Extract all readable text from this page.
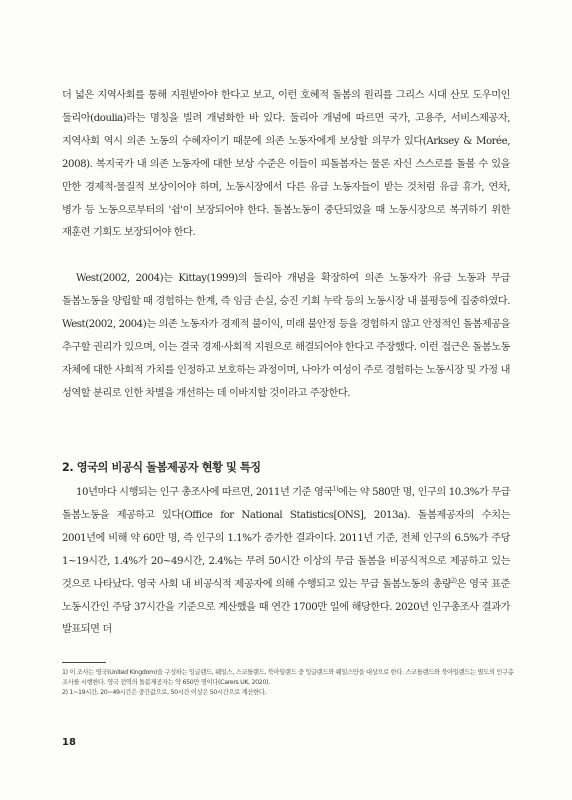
더 넓은 지역사회를 통해 지원받아야 한다고 보고, 이런 호혜적 돌봄의 원리를 그리스 시대 산모 도우미인 둘리아(doulia)라는 명칭을 빌려 개념화한 바 있다. 둘리아 개념에 따르면 국가, 고용주, 서비스제공자, 지역사회 역시 의존 노동의 수혜자이기 때문에 의존 노동자에게 보상할 의무가 있다(Arksey & Morée, 2008). 복지국가 내 의존 노동자에 대한 보상 수준은 이들이 피돌봄자는 물론 자신 스스로를 돌볼 수 있을 만한 경제적·물질적 보상이어야 하며, 노동시장에서 다른 유급 노동자들이 받는 것처럼 유급 휴가, 연차, 병가 등 노동으로부터의 '쉼'이 보장되어야 한다. 돌봄노동이 중단되었을 때 노동시장으로 복귀하기 위한 재훈련 기회도 보장되어야 한다.

West(2002, 2004)는 Kittay(1999)의 둘리아 개념을 확장하여 의존 노동자가 유급 노동과 무급 돌봄노동을 양립할 때 경험하는 한계, 즉 임금 손실, 승진 기회 누락 등의 노동시장 내 불평등에 집중하였다. West(2002, 2004)는 의존 노동자가 경제적 불이익, 미래 불안정 등을 경험하지 않고 안정적인 돌봄제공을 추구할 권리가 있으며, 이는 결국 경제·사회적 지원으로 해결되어야 한다고 주장했다. 이런 접근은 돌봄노동 자체에 대한 사회적 가치를 인정하고 보호하는 과정이며, 나아가 여성이 주로 경험하는 노동시장 및 가정 내 성역할 분리로 인한 차별을 개선하는 데 이바지할 것이라고 주장한다.

2. 영국의 비공식 돌봄제공자 현황 및 특징

10년마다 시행되는 인구 총조사에 따르면, 2011년 기준 영국$^{1)}$에는 약 580만 명, 인구의 10.3%가 무급 돌봄노동을 제공하고 있다(Office for National Statistics[ONS], 2013a). 돌봄제공자의 수치는 2001년에 비해 약 60만 명, 즉 인구의 1.1%가 증가한 결과이다. 2011년 기준, 전체 인구의 6.5%가 주당 1~19시간, 1.4%가 20~49시간, 2.4%는 무려 50시간 이상의 무급 돌봄을 비공식적으로 제공하고 있는 것으로 나타났다. 영국 사회 내 비공식적 제공자에 의해 수행되고 있는 무급 돌봄노동의 총량$^{2)}$은 영국 표준 노동시간인 주당 37시간을 기준으로 계산했을 때 연간 1700만 일에 해당한다. 2020년 인구총조사 결과가 발표되면 더

1) 이 조사는 영국(United Kingdom)을 구성하는 잉글랜드, 웨일스, 스코틀랜드, 북아일랜드 중 잉글랜드와 웨일스만을 대상으로 한다. 스코틀랜드와 북아일랜드는 별도의 인구총조사를 시행한다. 영국 전역의 돌봄제공자는 약 650만 명이다(Carers UK, 2020).

2) 1~19시간, 20~49시간은 중간값으로, 50시간 이상은 50시간으로 계산한다.

18
